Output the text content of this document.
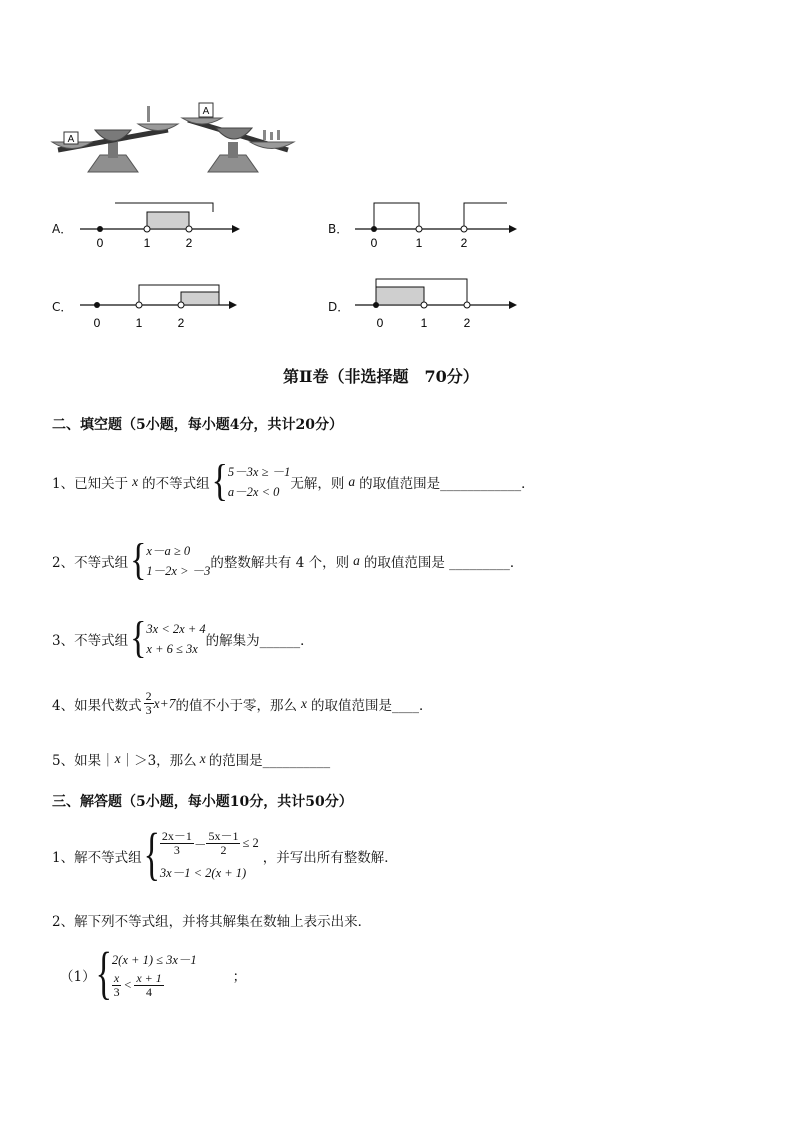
A
A
A．
0	1	2
B．
0	1	2
C．
0	1	2
D．
0	1	2
第Ⅱ卷（非选择题　70分）
二、填空题（5小题，每小题4分，共计20分）
1、已知关于 x 的不等式组 { 5－3x ≥ －1
a－2x < 0 无解，则 a 的取值范围是____________．
2、不等式组 { x－a ≥ 0
1－2x > －3 的整数解共有 4 个，则 a 的取值范围是 _________．
3、不等式组 { 3x < 2x + 4
x + 6 ≤ 3x 的解集为______．
4、如果代数式 $\frac{2}{3} x+7$ 的值不小于零，那么 x 的取值范围是____．
5、如果｜ x ｜＞3，那么 x 的范围是__________
三、解答题（5小题，每小题10分，共计50分）
1、解不等式组 { $\frac{2x-1}{3} - \frac{5x-1}{2} \le 2$
3x－1 < 2(x + 1)
，并写出所有整数解．
2、解下列不等式组，并将其解集在数轴上表示出来．
（1） { 2(x + 1) ≤ 3x－1
$\frac{x}{3} < \frac{x + 1}{4}$	；
